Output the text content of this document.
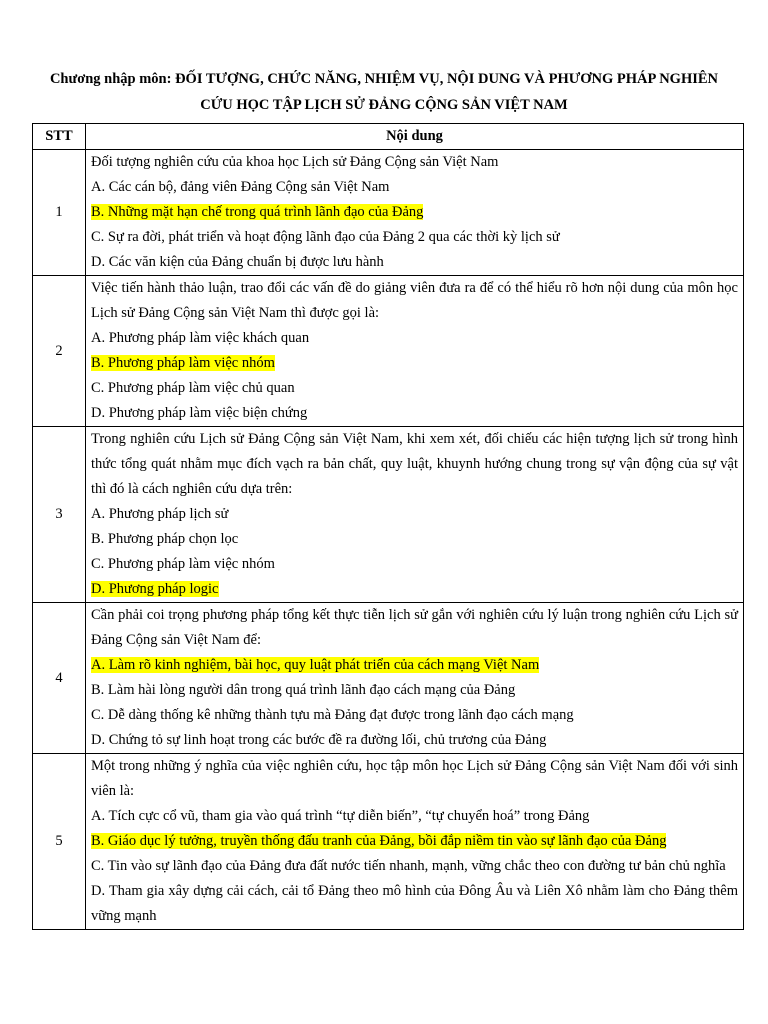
Chương nhập môn: ĐỐI TƯỢNG, CHỨC NĂNG, NHIỆM VỤ, NỘI DUNG VÀ PHƯƠNG PHÁP NGHIÊN
CỨU HỌC TẬP LỊCH SỬ ĐẢNG CỘNG SẢN VIỆT NAM
STT	Nội dung
1	Đối tượng nghiên cứu của khoa học Lịch sử Đảng Cộng sản Việt Nam
A. Các cán bộ, đảng viên Đảng Cộng sản Việt Nam
B. Những mặt hạn chế trong quá trình lãnh đạo của Đảng
C. Sự ra đời, phát triển và hoạt động lãnh đạo của Đảng 2 qua các thời kỳ lịch sử
D. Các văn kiện của Đảng chuẩn bị được lưu hành

2	Việc tiến hành thảo luận, trao đổi các vấn đề do giảng viên đưa ra để có thể hiểu rõ hơn nội dung của môn học Lịch sử Đảng Cộng sản Việt Nam thì được gọi là:
A. Phương pháp làm việc khách quan
B. Phương pháp làm việc nhóm
C. Phương pháp làm việc chủ quan
D. Phương pháp làm việc biện chứng

3	Trong nghiên cứu Lịch sử Đảng Cộng sản Việt Nam, khi xem xét, đối chiếu các hiện tượng lịch sử trong hình thức tổng quát nhằm mục đích vạch ra bản chất, quy luật, khuynh hướng chung trong sự vận động của sự vật thì đó là cách nghiên cứu dựa trên:
A. Phương pháp lịch sử
B. Phương pháp chọn lọc
C. Phương pháp làm việc nhóm
D. Phương pháp logic

4	Cần phải coi trọng phương pháp tổng kết thực tiễn lịch sử gắn với nghiên cứu lý luận trong nghiên cứu Lịch sử Đảng Cộng sản Việt Nam để:
A. Làm rõ kinh nghiệm, bài học, quy luật phát triển của cách mạng Việt Nam
B. Làm hài lòng người dân trong quá trình lãnh đạo cách mạng của Đảng
C. Dễ dàng thống kê những thành tựu mà Đảng đạt được trong lãnh đạo cách mạng
D. Chứng tỏ sự linh hoạt trong các bước đề ra đường lối, chủ trương của Đảng

5	Một trong những ý nghĩa của việc nghiên cứu, học tập môn học Lịch sử Đảng Cộng sản Việt Nam đối với sinh viên là:
A. Tích cực cổ vũ, tham gia vào quá trình “tự diễn biến”, “tự chuyển hoá” trong Đảng
B. Giáo dục lý tưởng, truyền thống đấu tranh của Đảng, bồi đắp niềm tin vào sự lãnh đạo của Đảng
C. Tin vào sự lãnh đạo của Đảng đưa đất nước tiến nhanh, mạnh, vững chắc theo con đường tư bản chủ nghĩa
D. Tham gia xây dựng cải cách, cải tổ Đảng theo mô hình của Đông Âu và Liên Xô nhằm làm cho Đảng thêm vững mạnh
